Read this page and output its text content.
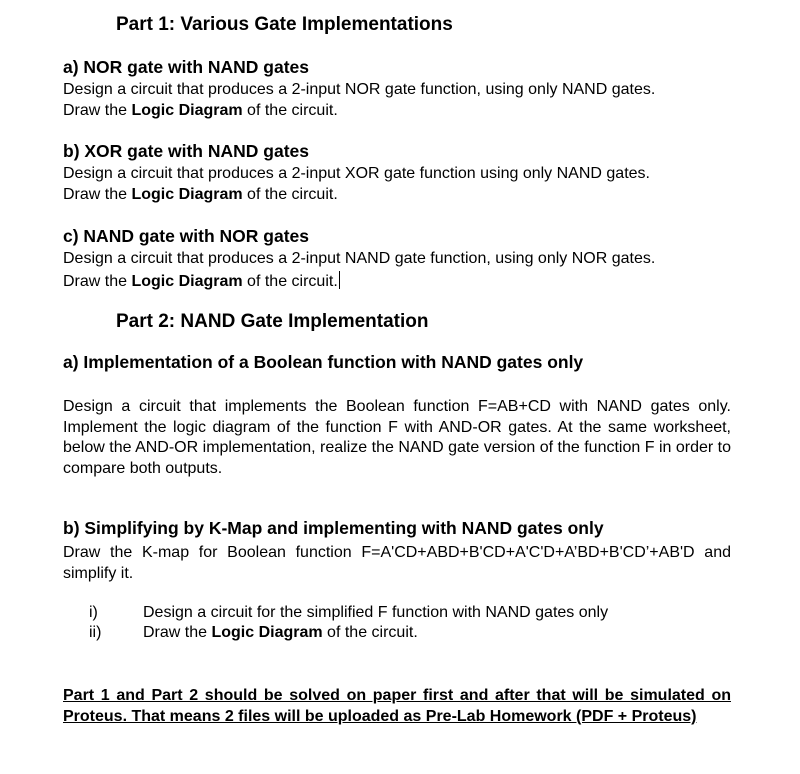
Part 1: Various Gate Implementations
a) NOR gate with NAND gates
Design a circuit that produces a 2-input NOR gate function, using only NAND gates.
Draw the Logic Diagram of the circuit.
b) XOR gate with NAND gates
Design a circuit that produces a 2-input XOR gate function using only NAND gates.
Draw the Logic Diagram of the circuit.
c) NAND gate with NOR gates
Design a circuit that produces a 2-input NAND gate function, using only NOR gates.
Draw the Logic Diagram of the circuit.
Part 2: NAND Gate Implementation
a) Implementation of a Boolean function with NAND gates only
Design a circuit that implements the Boolean function F=AB+CD with NAND gates only. Implement the logic diagram of the function F with AND-OR gates. At the same worksheet, below the AND-OR implementation, realize the NAND gate version of the function F in order to compare both outputs.
b) Simplifying by K-Map and implementing with NAND gates only
Draw the K-map for Boolean function F=A'CD+ABD+B'CD+A'C'D+A’BD+B'CD’+AB'D and simplify it.
i)	Design a circuit for the simplified F function with NAND gates only
ii)	Draw the Logic Diagram of the circuit.
Part 1 and Part 2 should be solved on paper first and after that will be simulated on Proteus. That means 2 files will be uploaded as Pre-Lab Homework (PDF + Proteus)
